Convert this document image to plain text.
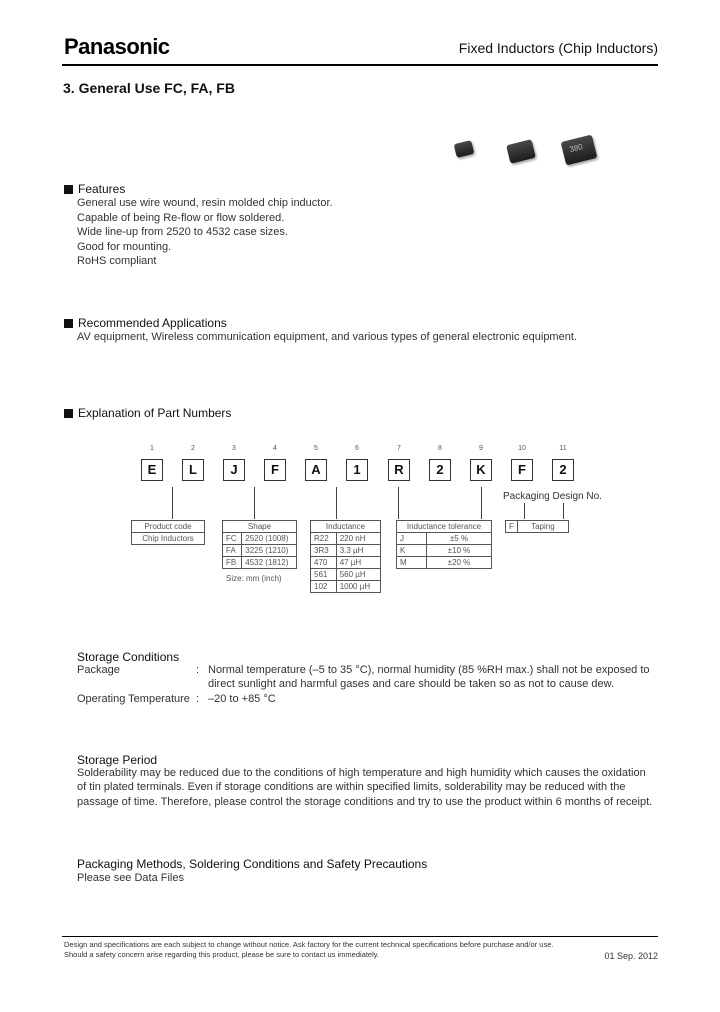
Panasonic	Fixed Inductors (Chip Inductors)
3. General Use FC, FA, FB
380
Features
General use wire wound, resin molded chip inductor.
Capable of being Re-flow or flow soldered.
Wide line-up from 2520 to 4532 case sizes.
Good for mounting.
RoHS compliant
Recommended Applications
AV equipment, Wireless communication equipment, and various types of general electronic equipment.
Explanation of Part Numbers
1	2	3	4	5	6	7	8	9	10	11
E	L	J	F	A	1	R	2	K	F	2
Packaging Design No.
F	Taping
Product code
Chip Inductors
Shape	
FC	2520 (1008)
FA	3225 (1210)
FB	4532 (1812)
Size: mm (inch)
Inductance	
R22	220 nH
3R3	3.3 µH
470	47 µH
561	560 µH
102	1000 µH
Inductance tolerance	
J	±5 %
K	±10 %
M	±20 %
Storage Conditions
Package	: Normal temperature (–5 to 35 °C), normal humidity (85 %RH max.) shall not be exposed to
direct sunlight and harmful gases and care should be taken so as not to cause dew.
Operating Temperature : –20 to +85 °C
Storage Period
Solderability may be reduced due to the conditions of high temperature and high humidity which causes the oxidation
of tin plated terminals. Even if storage conditions are within specified limits, solderability may be reduced with the
passage of time. Therefore, please control the storage conditions and try to use the product within 6 months of receipt.
Packaging Methods, Soldering Conditions and Safety Precautions
Please see Data Files
Design and specifications are each subject to change without notice. Ask factory for the current technical specifications before purchase and/or use.
Should a safety concern arise regarding this product, please be sure to contact us immediately.	01 Sep. 2012
